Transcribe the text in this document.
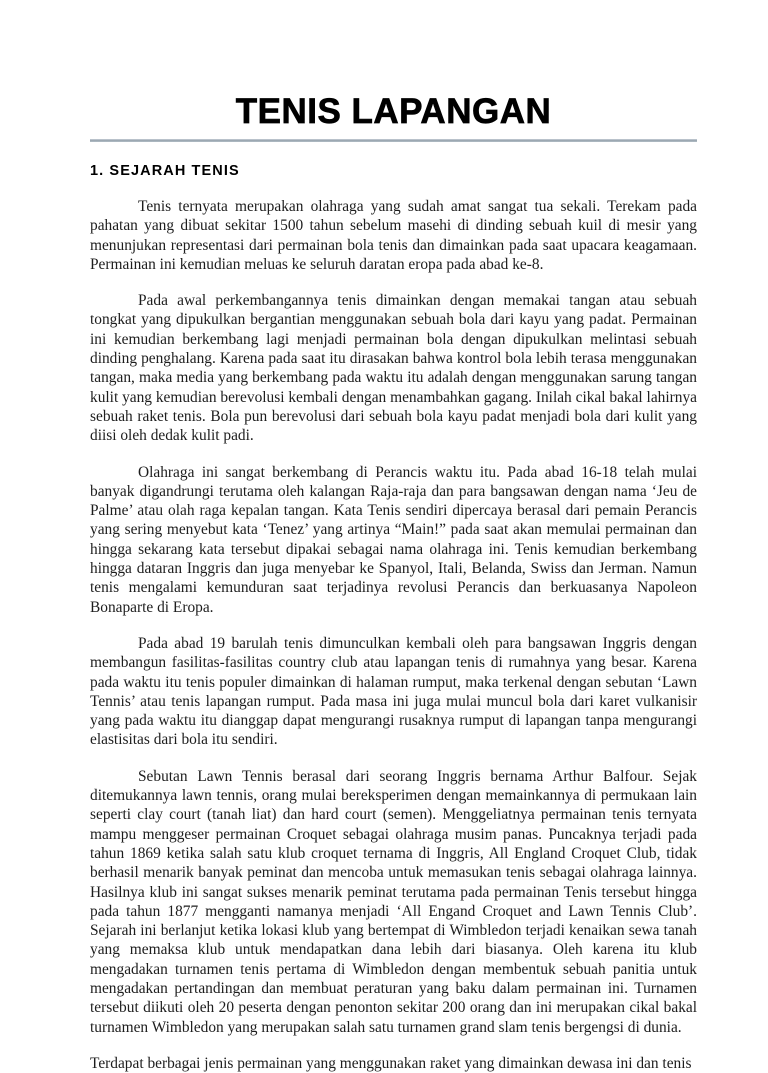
TENIS LAPANGAN
1. SEJARAH TENIS

Tenis ternyata merupakan olahraga yang sudah amat sangat tua sekali. Terekam pada pahatan yang dibuat sekitar 1500 tahun sebelum masehi di dinding sebuah kuil di mesir yang menunjukan representasi dari permainan bola tenis dan dimainkan pada saat upacara keagamaan. Permainan ini kemudian meluas ke seluruh daratan eropa pada abad ke-8.

Pada awal perkembangannya tenis dimainkan dengan memakai tangan atau sebuah tongkat yang dipukulkan bergantian menggunakan sebuah bola dari kayu yang padat. Permainan ini kemudian berkembang lagi menjadi permainan bola dengan dipukulkan melintasi sebuah dinding penghalang. Karena pada saat itu dirasakan bahwa kontrol bola lebih terasa menggunakan tangan, maka media yang berkembang pada waktu itu adalah dengan menggunakan sarung tangan kulit yang kemudian berevolusi kembali dengan menambahkan gagang. Inilah cikal bakal lahirnya sebuah raket tenis. Bola pun berevolusi dari sebuah bola kayu padat menjadi bola dari kulit yang diisi oleh dedak kulit padi.

Olahraga ini sangat berkembang di Perancis waktu itu. Pada abad 16-18 telah mulai banyak digandrungi terutama oleh kalangan Raja-raja dan para bangsawan dengan nama ‘Jeu de Palme’ atau olah raga kepalan tangan. Kata Tenis sendiri dipercaya berasal dari pemain Perancis yang sering menyebut kata ‘Tenez’ yang artinya “Main!” pada saat akan memulai permainan dan hingga sekarang kata tersebut dipakai sebagai nama olahraga ini. Tenis kemudian berkembang hingga dataran Inggris dan juga menyebar ke Spanyol, Itali, Belanda, Swiss dan Jerman. Namun tenis mengalami kemunduran saat terjadinya revolusi Perancis dan berkuasanya Napoleon Bonaparte di Eropa.

Pada abad 19 barulah tenis dimunculkan kembali oleh para bangsawan Inggris dengan membangun fasilitas-fasilitas country club atau lapangan tenis di rumahnya yang besar. Karena pada waktu itu tenis populer dimainkan di halaman rumput, maka terkenal dengan sebutan ‘Lawn Tennis’ atau tenis lapangan rumput. Pada masa ini juga mulai muncul bola dari karet vulkanisir yang pada waktu itu dianggap dapat mengurangi rusaknya rumput di lapangan tanpa mengurangi elastisitas dari bola itu sendiri.

Sebutan Lawn Tennis berasal dari seorang Inggris bernama Arthur Balfour. Sejak ditemukannya lawn tennis, orang mulai bereksperimen dengan memainkannya di permukaan lain seperti clay court (tanah liat) dan hard court (semen). Menggeliatnya permainan tenis ternyata mampu menggeser permainan Croquet sebagai olahraga musim panas. Puncaknya terjadi pada tahun 1869 ketika salah satu klub croquet ternama di Inggris, All England Croquet Club, tidak berhasil menarik banyak peminat dan mencoba untuk memasukan tenis sebagai olahraga lainnya. Hasilnya klub ini sangat sukses menarik peminat terutama pada permainan Tenis tersebut hingga pada tahun 1877 mengganti namanya menjadi ‘All Engand Croquet and Lawn Tennis Club’. Sejarah ini berlanjut ketika lokasi klub yang bertempat di Wimbledon terjadi kenaikan sewa tanah yang memaksa klub untuk mendapatkan dana lebih dari biasanya. Oleh karena itu klub mengadakan turnamen tenis pertama di Wimbledon dengan membentuk sebuah panitia untuk mengadakan pertandingan dan membuat peraturan yang baku dalam permainan ini. Turnamen tersebut diikuti oleh 20 peserta dengan penonton sekitar 200 orang dan ini merupakan cikal bakal turnamen Wimbledon yang merupakan salah satu turnamen grand slam tenis bergengsi di dunia.

Terdapat berbagai jenis permainan yang menggunakan raket yang dimainkan dewasa ini dan tenis
